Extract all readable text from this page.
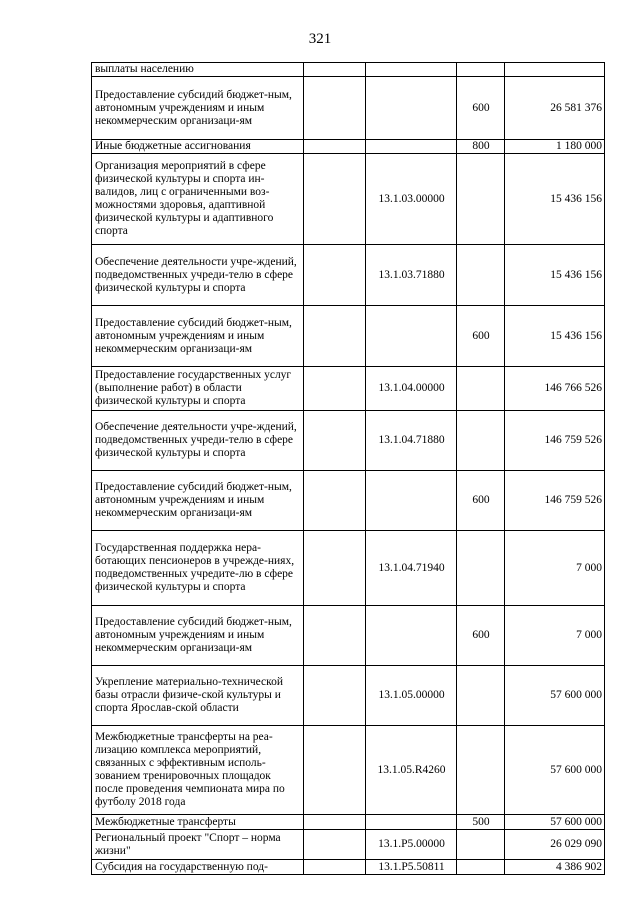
321
выплаты населению				
Предоставление субсидий бюджет-ным, автономным учреждениям и иным некоммерческим организаци-ям			600	26 581 376
Иные бюджетные ассигнования			800	1 180 000
Организация мероприятий в сфере физической культуры и спорта ин-валидов, лиц с ограниченными воз-можностями здоровья, адаптивной физической культуры и адаптивного спорта		13.1.03.00000		15 436 156
Обеспечение деятельности учре-ждений, подведомственных учреди-телю в сфере физической культуры и спорта		13.1.03.71880		15 436 156
Предоставление субсидий бюджет-ным, автономным учреждениям и иным некоммерческим организаци-ям			600	15 436 156
Предоставление государственных услуг (выполнение работ) в области физической культуры и спорта		13.1.04.00000		146 766 526
Обеспечение деятельности учре-ждений, подведомственных учреди-телю в сфере физической культуры и спорта		13.1.04.71880		146 759 526
Предоставление субсидий бюджет-ным, автономным учреждениям и иным некоммерческим организаци-ям			600	146 759 526
Государственная поддержка нера-ботающих пенсионеров в учрежде-ниях, подведомственных учредите-лю в сфере физической культуры и спорта		13.1.04.71940		7 000
Предоставление субсидий бюджет-ным, автономным учреждениям и иным некоммерческим организаци-ям			600	7 000
Укрепление материально-технической базы отрасли физиче-ской культуры и спорта Ярослав-ской области		13.1.05.00000		57 600 000
Межбюджетные трансферты на реа-лизацию комплекса мероприятий, связанных с эффективным исполь-зованием тренировочных площадок после проведения чемпионата мира по футболу 2018 года		13.1.05.R4260		57 600 000
Межбюджетные трансферты			500	57 600 000
Региональный проект "Спорт – норма жизни"		13.1.P5.00000		26 029 090
Субсидия на государственную под-		13.1.P5.50811		4 386 902
